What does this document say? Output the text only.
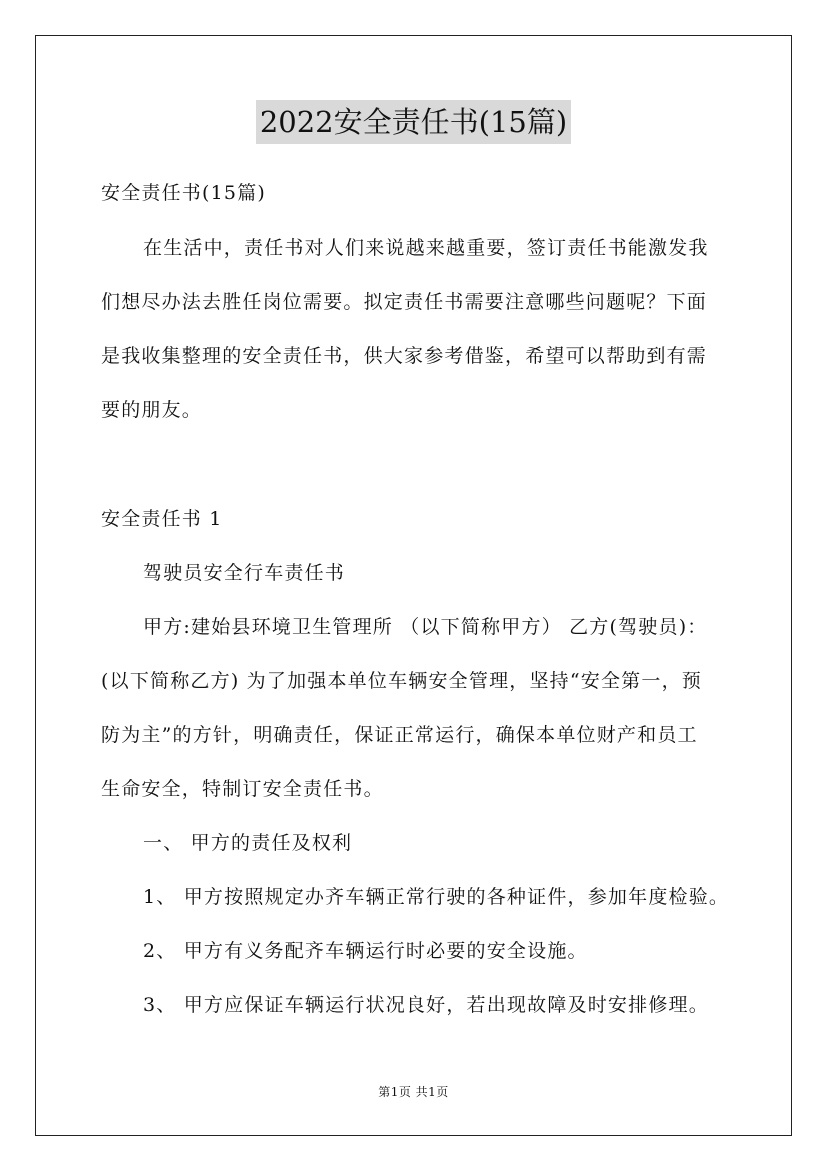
2022安全责任书(15篇)
安全责任书(15篇)
在生活中，责任书对人们来说越来越重要，签订责任书能激发我
们想尽办法去胜任岗位需要。拟定责任书需要注意哪些问题呢？下面
是我收集整理的安全责任书，供大家参考借鉴，希望可以帮助到有需
要的朋友。
安全责任书 1
驾驶员安全行车责任书
甲方:建始县环境卫生管理所 （以下简称甲方） 乙方(驾驶员)：
(以下简称乙方) 为了加强本单位车辆安全管理，坚持“安全第一，预
防为主”的方针，明确责任，保证正常运行，确保本单位财产和员工
生命安全，特制订安全责任书。
一、 甲方的责任及权利
1、 甲方按照规定办齐车辆正常行驶的各种证件，参加年度检验。
2、 甲方有义务配齐车辆运行时必要的安全设施。
3、 甲方应保证车辆运行状况良好，若出现故障及时安排修理。
第1页 共1页
